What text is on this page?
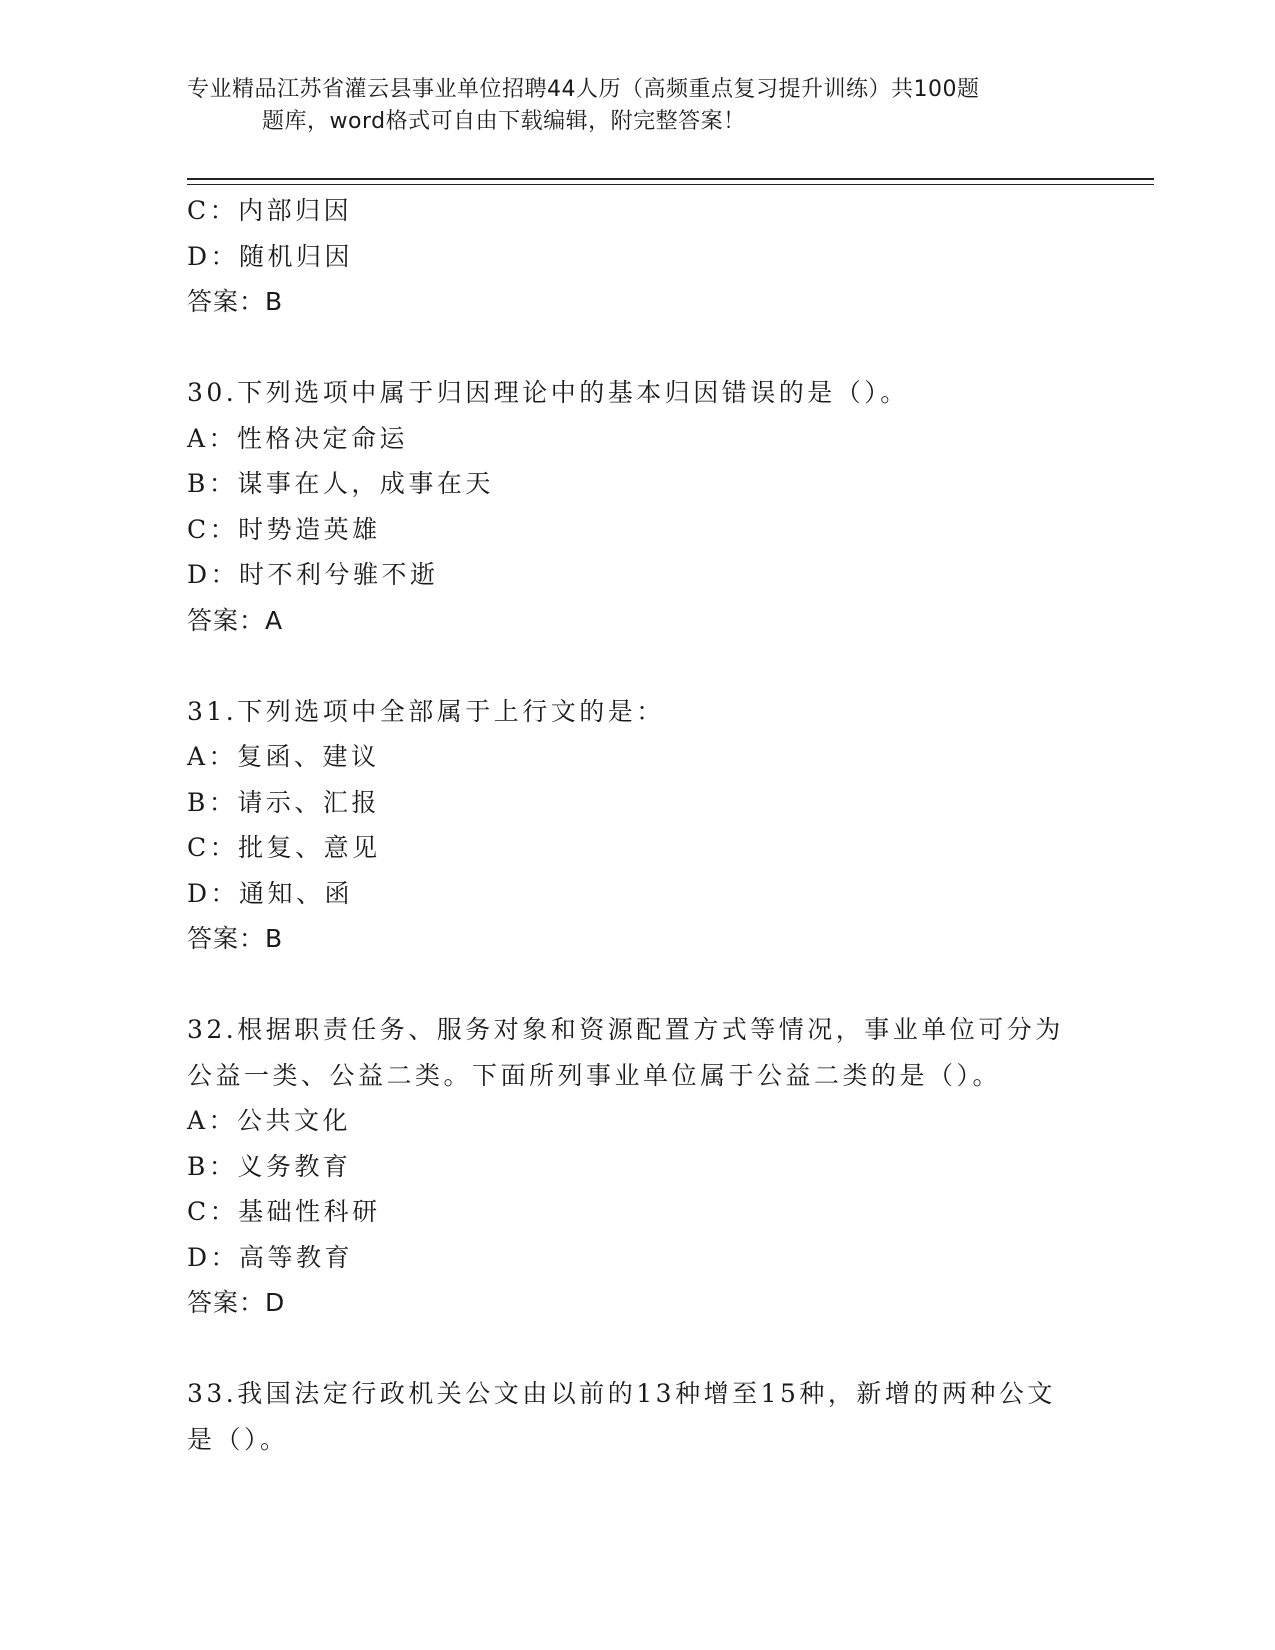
专业精品江苏省灌云县事业单位招聘44人历（高频重点复习提升训练）共100题
题库，word格式可自由下载编辑，附完整答案！
C：内部归因
D：随机归因
答案：B
30.下列选项中属于归因理论中的基本归因错误的是（）。
A：性格决定命运
B：谋事在人，成事在天
C：时势造英雄
D：时不利兮骓不逝
答案：A
31.下列选项中全部属于上行文的是：
A：复函、建议
B：请示、汇报
C：批复、意见
D：通知、函
答案：B
32.根据职责任务、服务对象和资源配置方式等情况，事业单位可分为
公益一类、公益二类。下面所列事业单位属于公益二类的是（）。
A：公共文化
B：义务教育
C：基础性科研
D：高等教育
答案：D
33.我国法定行政机关公文由以前的13种增至15种，新增的两种公文
是（）。
